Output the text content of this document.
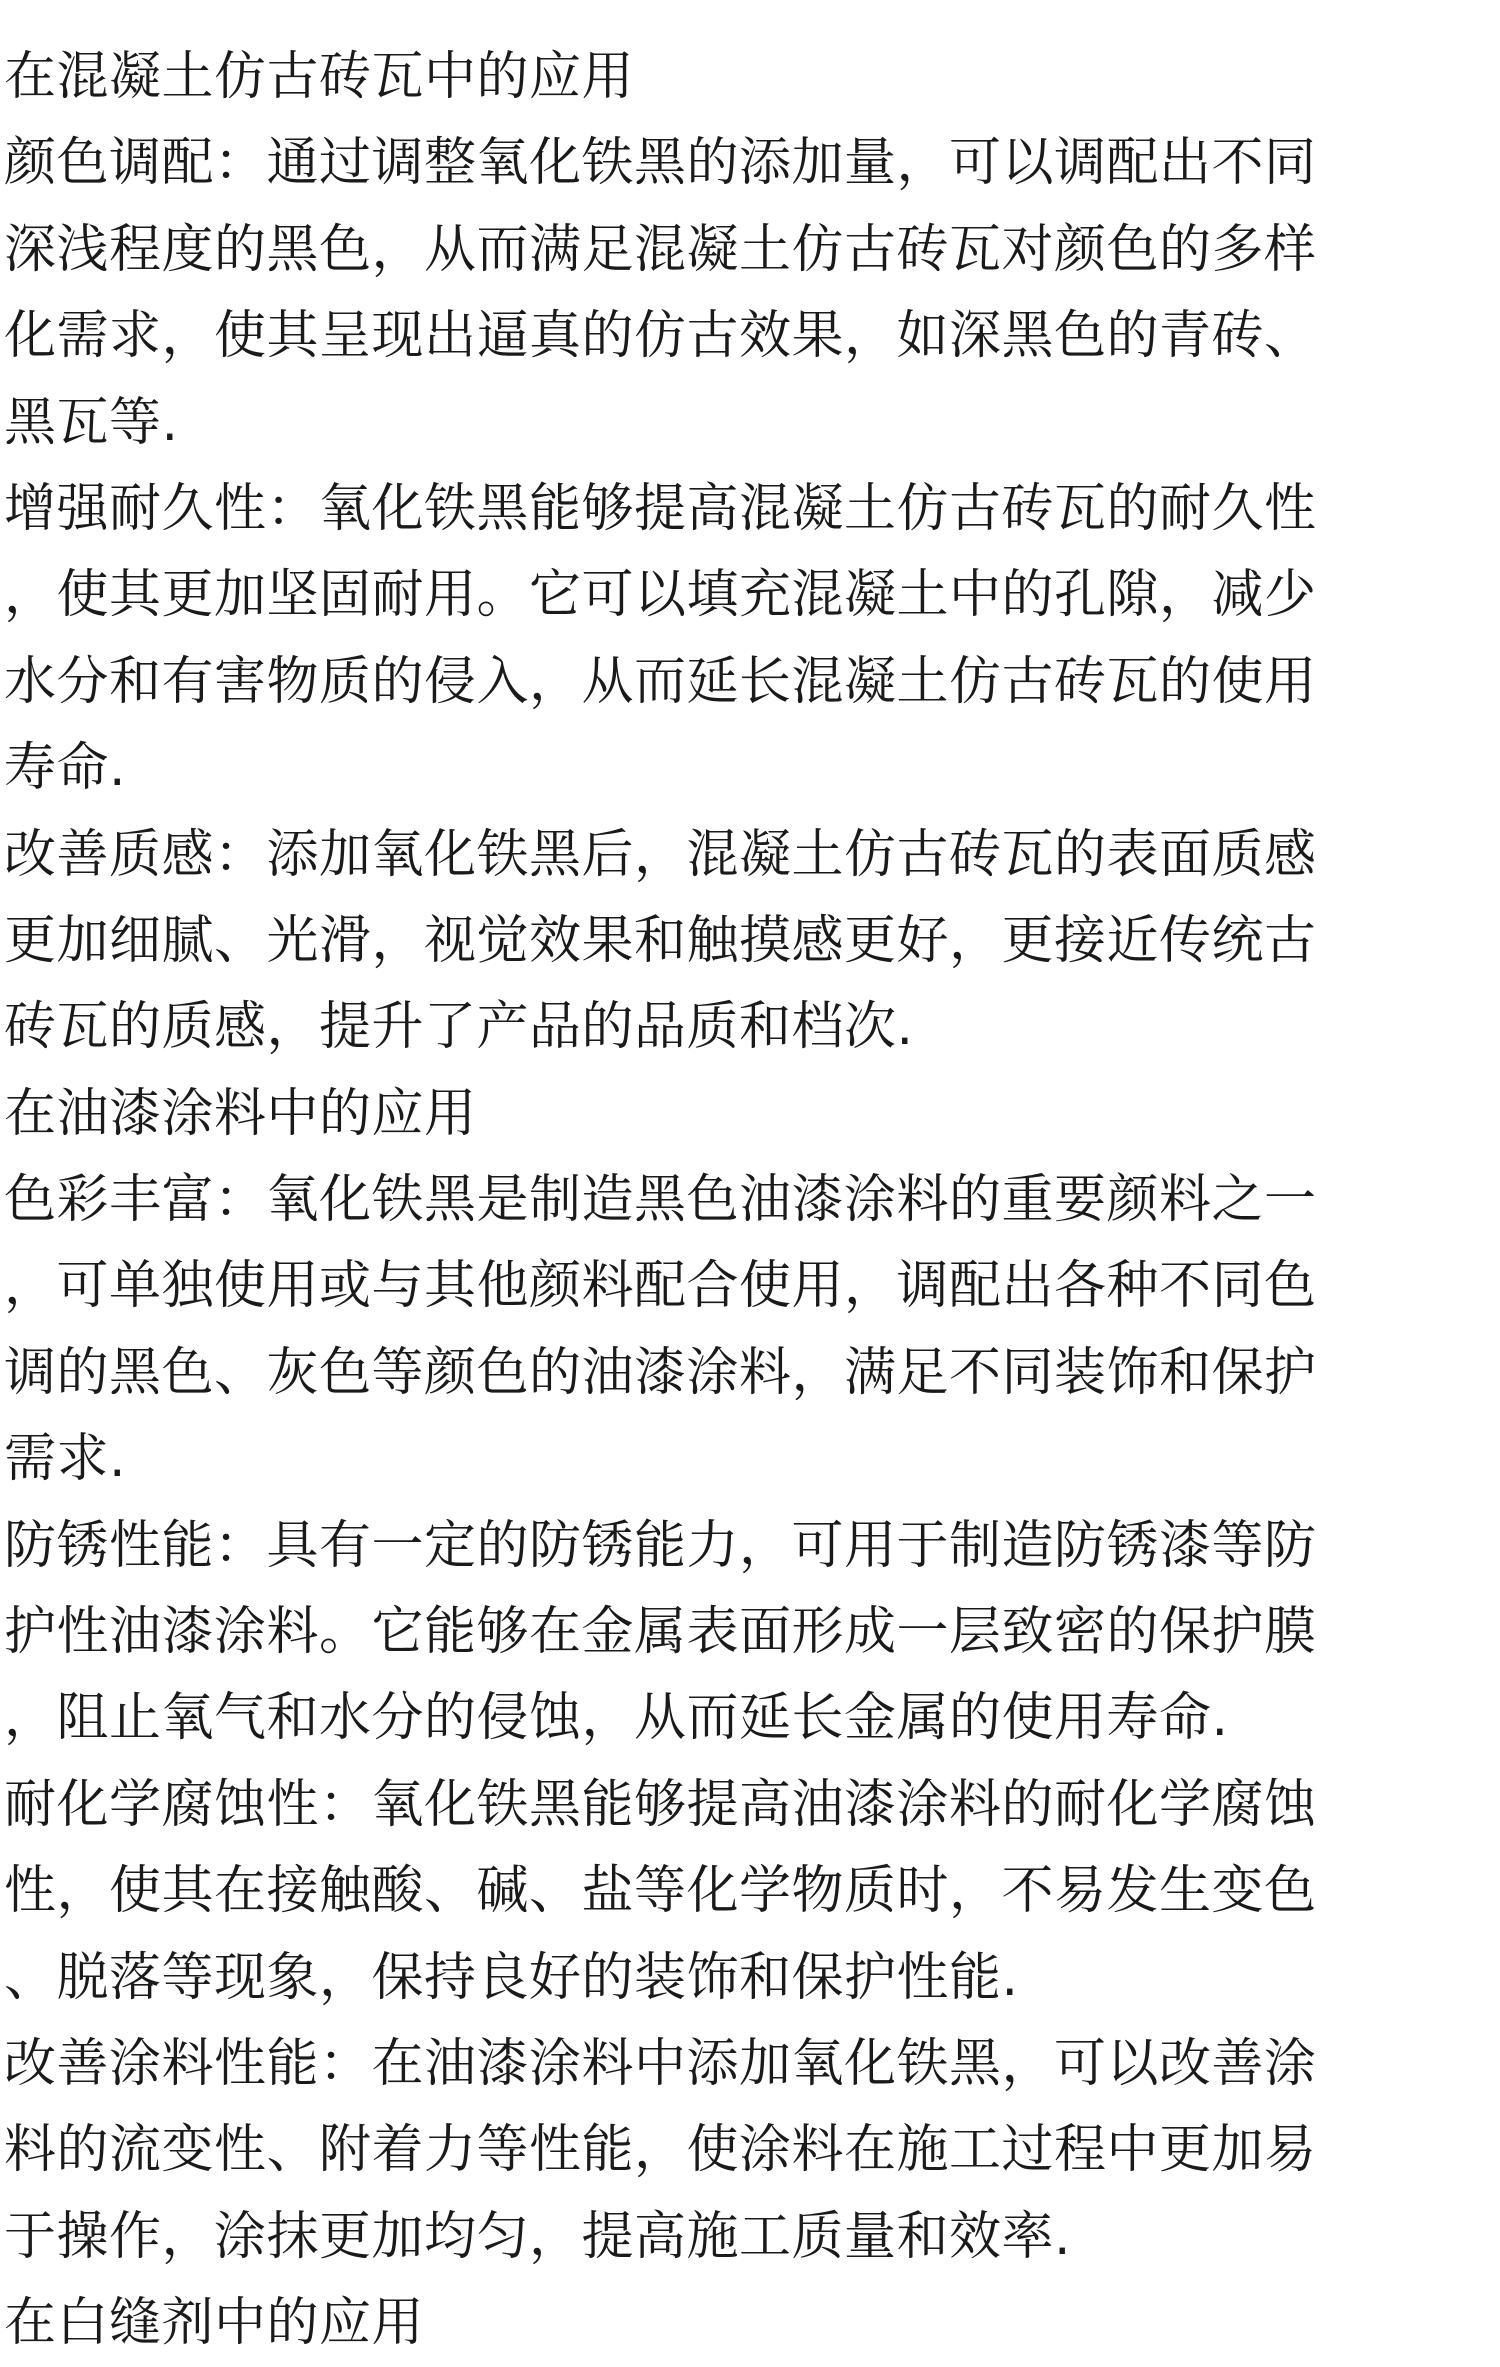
在混凝土仿古砖瓦中的应用
颜色调配：通过调整氧化铁黑的添加量，可以调配出不同
深浅程度的黑色，从而满足混凝土仿古砖瓦对颜色的多样
化需求，使其呈现出逼真的仿古效果，如深黑色的青砖、
黑瓦等.
增强耐久性：氧化铁黑能够提高混凝土仿古砖瓦的耐久性
，使其更加坚固耐用。它可以填充混凝土中的孔隙，减少
水分和有害物质的侵入，从而延长混凝土仿古砖瓦的使用
寿命.
改善质感：添加氧化铁黑后，混凝土仿古砖瓦的表面质感
更加细腻、光滑，视觉效果和触摸感更好，更接近传统古
砖瓦的质感，提升了产品的品质和档次.
在油漆涂料中的应用
色彩丰富：氧化铁黑是制造黑色油漆涂料的重要颜料之一
，可单独使用或与其他颜料配合使用，调配出各种不同色
调的黑色、灰色等颜色的油漆涂料，满足不同装饰和保护
需求.
防锈性能：具有一定的防锈能力，可用于制造防锈漆等防
护性油漆涂料。它能够在金属表面形成一层致密的保护膜
，阻止氧气和水分的侵蚀，从而延长金属的使用寿命.
耐化学腐蚀性：氧化铁黑能够提高油漆涂料的耐化学腐蚀
性，使其在接触酸、碱、盐等化学物质时，不易发生变色
、脱落等现象，保持良好的装饰和保护性能.
改善涂料性能：在油漆涂料中添加氧化铁黑，可以改善涂
料的流变性、附着力等性能，使涂料在施工过程中更加易
于操作，涂抹更加均匀，提高施工质量和效率.
在白缝剂中的应用
